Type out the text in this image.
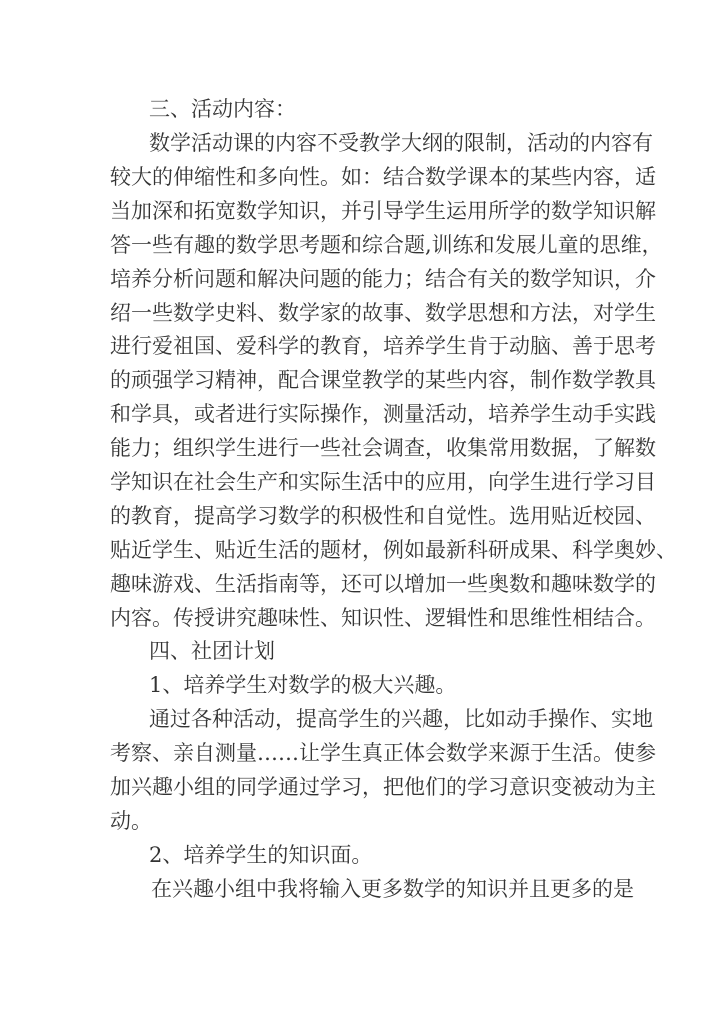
三、活动内容：
数学活动课的内容不受教学大纲的限制，活动的内容有
较大的伸缩性和多向性。如：结合数学课本的某些内容，适
当加深和拓宽数学知识，并引导学生运用所学的数学知识解
答一些有趣的数学思考题和综合题,训练和发展儿童的思维，
培养分析问题和解决问题的能力；结合有关的数学知识，介
绍一些数学史料、数学家的故事、数学思想和方法，对学生
进行爱祖国、爱科学的教育，培养学生肯于动脑、善于思考
的顽强学习精神，配合课堂教学的某些内容，制作数学教具
和学具，或者进行实际操作，测量活动，培养学生动手实践
能力；组织学生进行一些社会调查，收集常用数据，了解数
学知识在社会生产和实际生活中的应用，向学生进行学习目
的教育，提高学习数学的积极性和自觉性。选用贴近校园、
贴近学生、贴近生活的题材，例如最新科研成果、科学奥妙、
趣味游戏、生活指南等，还可以增加一些奥数和趣味数学的
内容。传授讲究趣味性、知识性、逻辑性和思维性相结合。
四、社团计划
1、培养学生对数学的极大兴趣。
通过各种活动，提高学生的兴趣，比如动手操作、实地
考察、亲自测量……让学生真正体会数学来源于生活。使参
加兴趣小组的同学通过学习，把他们的学习意识变被动为主
动。
2、培养学生的知识面。
在兴趣小组中我将输入更多数学的知识并且更多的是
